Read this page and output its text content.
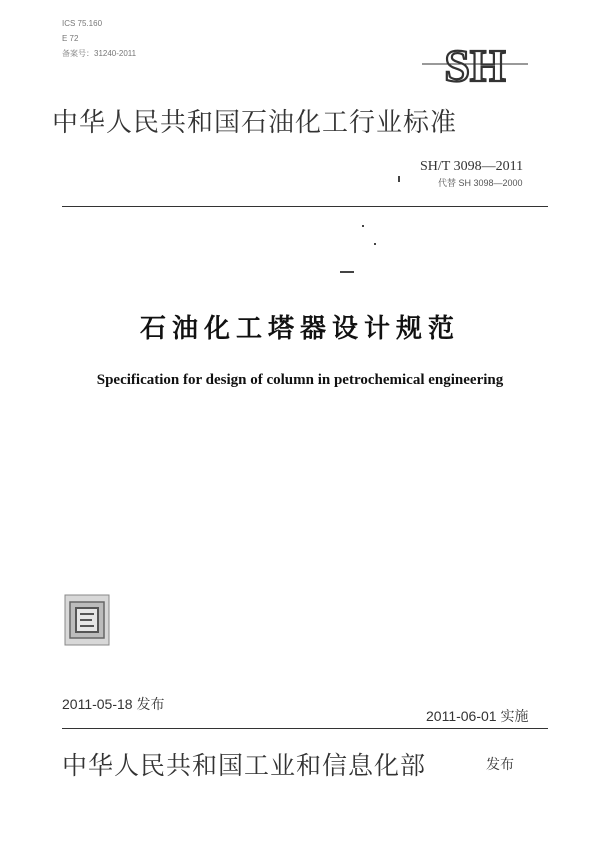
ICS 75.160
E 72
备案号：31240-2011	SH
中华人民共和国石油化工行业标准
SH/T 3098—2011
代替 SH 3098—2000
石油化工塔器设计规范
Specification for design of column in petrochemical engineering
2011-05-18 发布
2011-06-01 实施
中华人民共和国工业和信息化部	发布
